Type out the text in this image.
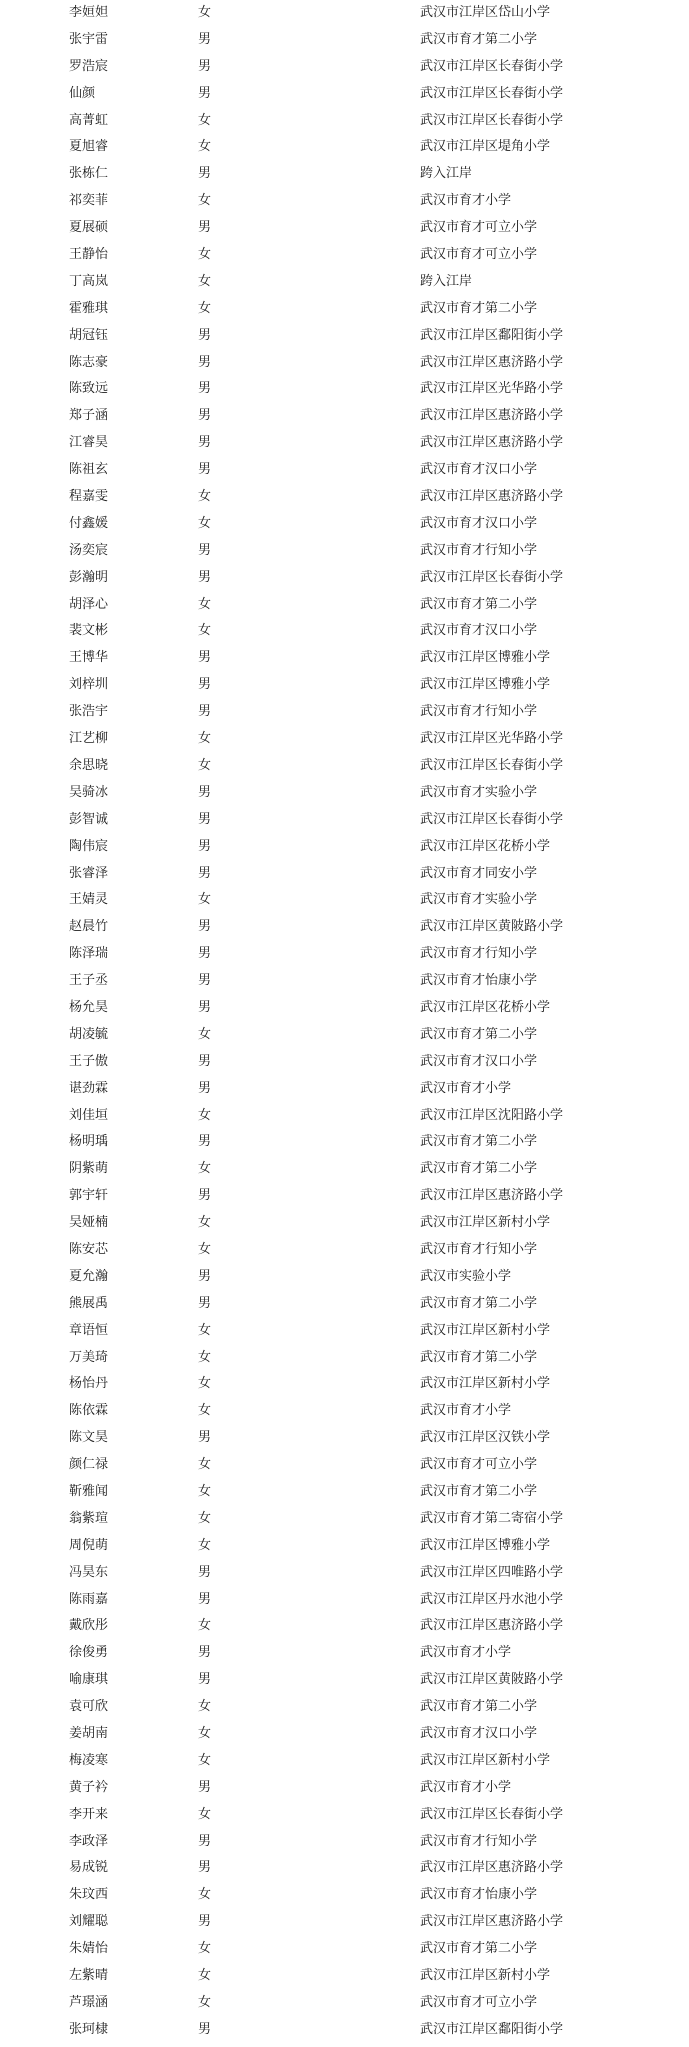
李姮妲	女	武汉市江岸区岱山小学
张宇雷	男	武汉市育才第二小学
罗浩宸	男	武汉市江岸区长春街小学
仙颜	男	武汉市江岸区长春街小学
高菁虹	女	武汉市江岸区长春街小学
夏旭睿	女	武汉市江岸区堤角小学
张栋仁	男	跨入江岸
祁奕菲	女	武汉市育才小学
夏展硕	男	武汉市育才可立小学
王静怡	女	武汉市育才可立小学
丁高岚	女	跨入江岸
霍雅琪	女	武汉市育才第二小学
胡冠钰	男	武汉市江岸区鄱阳街小学
陈志豪	男	武汉市江岸区惠济路小学
陈致远	男	武汉市江岸区光华路小学
郑子涵	男	武汉市江岸区惠济路小学
江睿昊	男	武汉市江岸区惠济路小学
陈祖玄	男	武汉市育才汉口小学
程嘉雯	女	武汉市江岸区惠济路小学
付鑫媛	女	武汉市育才汉口小学
汤奕宸	男	武汉市育才行知小学
彭瀚明	男	武汉市江岸区长春街小学
胡泽心	女	武汉市育才第二小学
裴文彬	女	武汉市育才汉口小学
王博华	男	武汉市江岸区博雅小学
刘梓圳	男	武汉市江岸区博雅小学
张浩宇	男	武汉市育才行知小学
江艺柳	女	武汉市江岸区光华路小学
余思晓	女	武汉市江岸区长春街小学
吴骑冰	男	武汉市育才实验小学
彭智诚	男	武汉市江岸区长春街小学
陶伟宸	男	武汉市江岸区花桥小学
张睿泽	男	武汉市育才同安小学
王婧灵	女	武汉市育才实验小学
赵晨竹	男	武汉市江岸区黄陂路小学
陈泽瑞	男	武汉市育才行知小学
王子丞	男	武汉市育才怡康小学
杨允昊	男	武汉市江岸区花桥小学
胡凌毓	女	武汉市育才第二小学
王子傲	男	武汉市育才汉口小学
谌劲霖	男	武汉市育才小学
刘佳垣	女	武汉市江岸区沈阳路小学
杨明瑀	男	武汉市育才第二小学
阴紫萌	女	武汉市育才第二小学
郭宇轩	男	武汉市江岸区惠济路小学
吴娅楠	女	武汉市江岸区新村小学
陈安芯	女	武汉市育才行知小学
夏允瀚	男	武汉市实验小学
熊展禹	男	武汉市育才第二小学
章语恒	女	武汉市江岸区新村小学
万美琦	女	武汉市育才第二小学
杨怡丹	女	武汉市江岸区新村小学
陈依霖	女	武汉市育才小学
陈文昊	男	武汉市江岸区汉铁小学
颜仁禄	女	武汉市育才可立小学
靳雅闻	女	武汉市育才第二小学
翁紫瑄	女	武汉市育才第二寄宿小学
周倪萌	女	武汉市江岸区博雅小学
冯昊东	男	武汉市江岸区四唯路小学
陈雨嘉	男	武汉市江岸区丹水池小学
戴欣彤	女	武汉市江岸区惠济路小学
徐俊勇	男	武汉市育才小学
喻康琪	男	武汉市江岸区黄陂路小学
袁可欣	女	武汉市育才第二小学
姜胡南	女	武汉市育才汉口小学
梅凌寒	女	武汉市江岸区新村小学
黄子衿	男	武汉市育才小学
李开来	女	武汉市江岸区长春街小学
李政泽	男	武汉市育才行知小学
易成锐	男	武汉市江岸区惠济路小学
朱玟西	女	武汉市育才怡康小学
刘耀聪	男	武汉市江岸区惠济路小学
朱婧怡	女	武汉市育才第二小学
左紫晴	女	武汉市江岸区新村小学
芦璟涵	女	武汉市育才可立小学
张珂棣	男	武汉市江岸区鄱阳街小学
